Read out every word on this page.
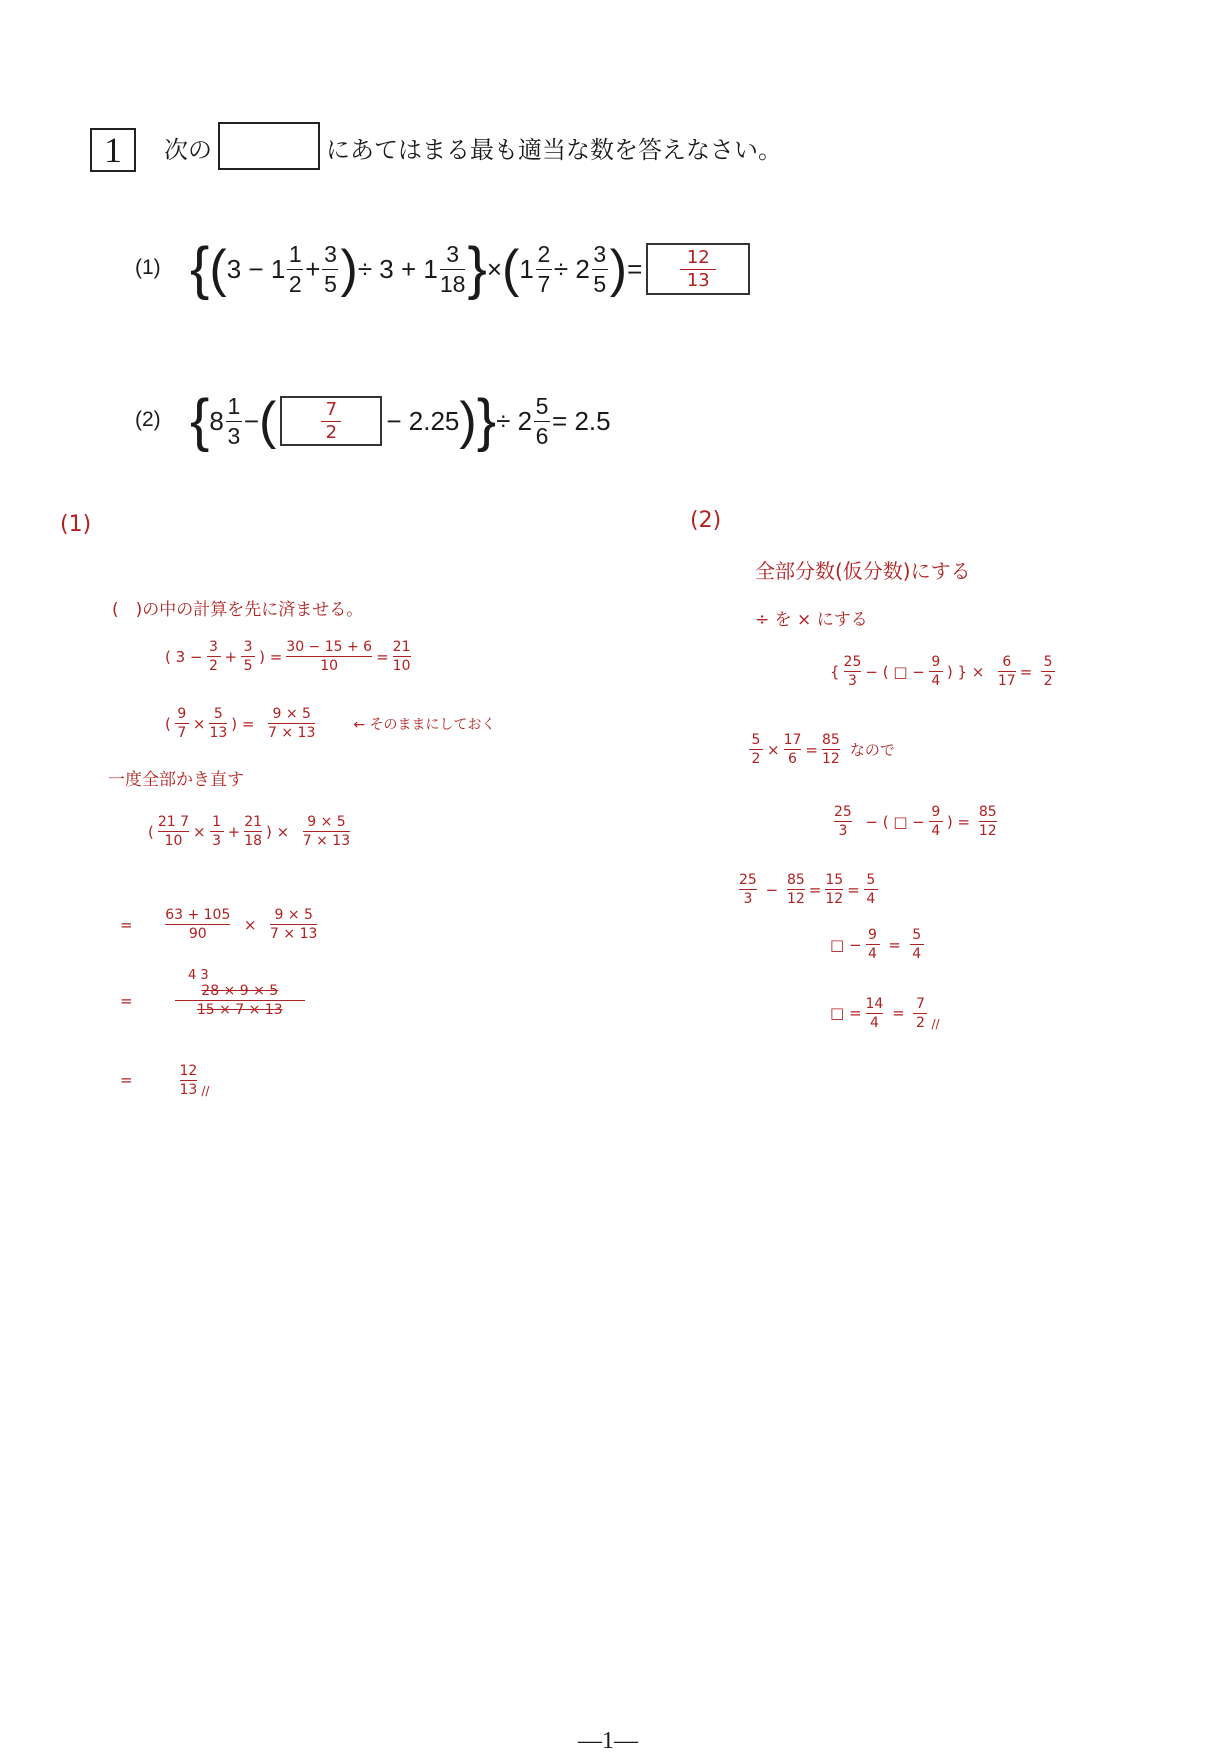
1	次の	にあてはまる最も適当な数を答えなさい。
(1) { ( 3
−
$1 \frac{1}{2} + \frac{3}{5}$ ) ÷ 3 +
$1 \frac{3}{18}$ } × ( $1 \frac{2}{7} \div 2 \frac{3}{5}$ ) = 12
13
(2) { $8 \frac{1}{3}$ − (	7
2 − 2.25 ) } ÷ $2 \frac{5}{6} = 2.5$
(1)
(　)の中の計算を先に済ませる。
( 3 −
3
2
+
3
5
) =
30 − 15 + 6
10
=
21
10
(
9
7
×
5
13
) =

9 × 5
7 × 13
← そのままにしておく
一度全部かき直す
(
21 7
10
×
1
3
+
21
18
) ×

9 × 5
7 × 13
=

63 + 105
90

×

9 × 5
7 × 13
4 3
=

28 × 9 × 5
15 × 7 × 13
=

12
13 //
(2)
全部分数(仮分数)にする
÷ を × にする
{
25
3
− ( □ −
9
4
) } ×

6
17
=

5
2
5
2
×
17
6
=
85
12 なので
25
3

− ( □ −
9
4
) =

85
12
25
3

−

85
12
=
15
12
=
5
4
□ −
9
4

=

5
4
□ =
14
4

=

7
2 //
—1—
